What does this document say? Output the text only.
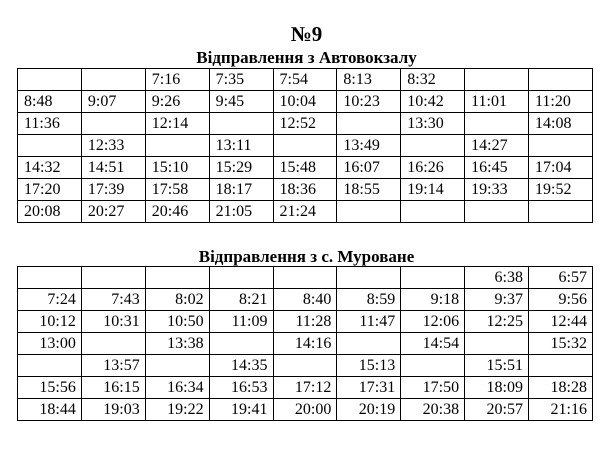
№9
Відправлення з Автовокзалу
		7:16	7:35	7:54	8:13	8:32		
8:48	9:07	9:26	9:45	10:04	10:23	10:42	11:01	11:20
11:36		12:14		12:52		13:30		14:08
	12:33		13:11		13:49		14:27	
14:32	14:51	15:10	15:29	15:48	16:07	16:26	16:45	17:04
17:20	17:39	17:58	18:17	18:36	18:55	19:14	19:33	19:52
20:08	20:27	20:46	21:05	21:24				
Відправлення з с. Муроване
							6:38	6:57
7:24	7:43	8:02	8:21	8:40	8:59	9:18	9:37	9:56
10:12	10:31	10:50	11:09	11:28	11:47	12:06	12:25	12:44
13:00		13:38		14:16		14:54		15:32
	13:57		14:35		15:13		15:51	
15:56	16:15	16:34	16:53	17:12	17:31	17:50	18:09	18:28
18:44	19:03	19:22	19:41	20:00	20:19	20:38	20:57	21:16
